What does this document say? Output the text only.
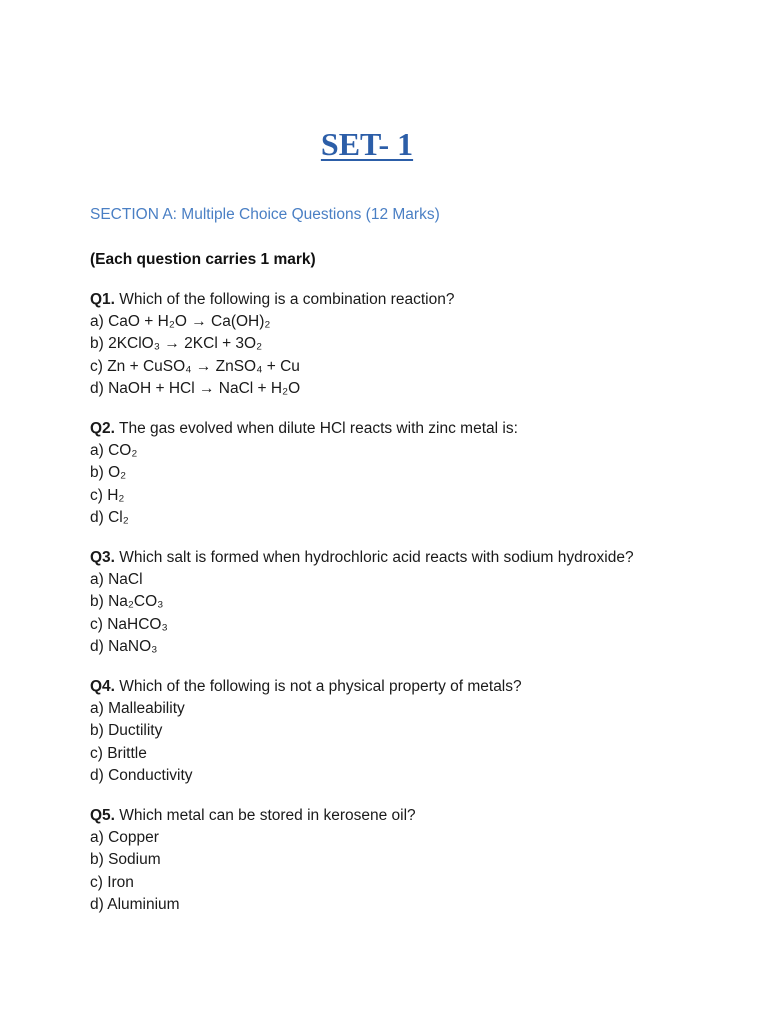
SET- 1
SECTION A: Multiple Choice Questions (12 Marks)
(Each question carries 1 mark)
Q1. Which of the following is a combination reaction?
a) CaO + H₂O → Ca(OH)₂
b) 2KClO₃ → 2KCl + 3O₂
c) Zn + CuSO₄ → ZnSO₄ + Cu
d) NaOH + HCl → NaCl + H₂O
Q2. The gas evolved when dilute HCl reacts with zinc metal is:
a) CO₂
b) O₂
c) H₂
d) Cl₂
Q3. Which salt is formed when hydrochloric acid reacts with sodium hydroxide?
a) NaCl
b) Na₂CO₃
c) NaHCO₃
d) NaNO₃
Q4. Which of the following is not a physical property of metals?
a) Malleability
b) Ductility
c) Brittle
d) Conductivity
Q5. Which metal can be stored in kerosene oil?
a) Copper
b) Sodium
c) Iron
d) Aluminium
